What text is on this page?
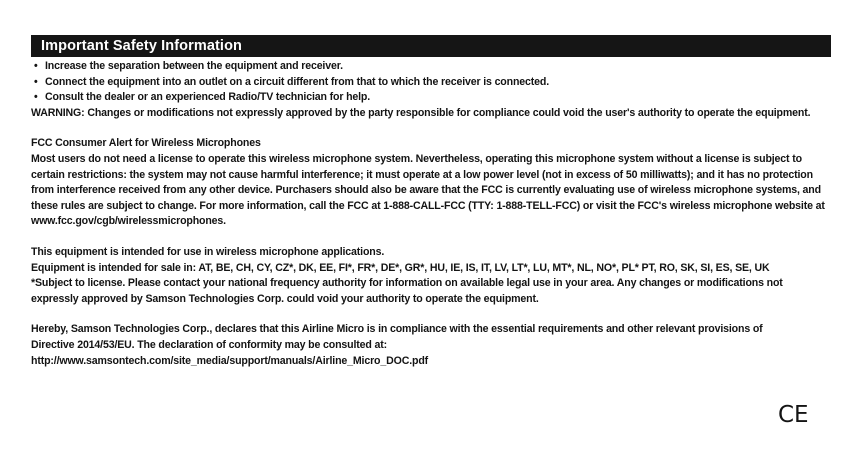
Important Safety Information
• Increase the separation between the equipment and receiver.
• Connect the equipment into an outlet on a circuit different from that to which the receiver is connected.
• Consult the dealer or an experienced Radio/TV technician for help.

WARNING: Changes or modifications not expressly approved by the party responsible for compliance could void the user's authority to operate the equipment.

FCC Consumer Alert for Wireless Microphones

Most users do not need a license to operate this wireless microphone system. Nevertheless, operating this microphone system without a license is subject to certain restrictions: the system may not cause harmful interference; it must operate at a low power level (not in excess of 50 milliwatts); and it has no protection from interference received from any other device. Purchasers should also be aware that the FCC is currently evaluating use of wireless microphone systems, and these rules are subject to change. For more information, call the FCC at 1-888-CALL-FCC (TTY: 1-888-TELL-FCC) or visit the FCC's wireless microphone website at www.fcc.gov/cgb/wirelessmicrophones.

This equipment is intended for use in wireless microphone applications.

Equipment is intended for sale in: AT, BE, CH, CY, CZ*, DK, EE, FI*, FR*, DE*, GR*, HU, IE, IS, IT, LV, LT*, LU, MT*, NL, NO*, PL* PT, RO, SK, SI, ES, SE, UK

*Subject to license. Please contact your national frequency authority for information on available legal use in your area. Any changes or modifications not expressly approved by Samson Technologies Corp. could void your authority to operate the equipment.

Hereby, Samson Technologies Corp., declares that this Airline Micro is in compliance with the essential requirements and other relevant provisions of Directive 2014/53/EU. The declaration of conformity may be consulted at:

http://www.samsontech.com/site_media/support/manuals/Airline_Micro_DOC.pdf

CE
